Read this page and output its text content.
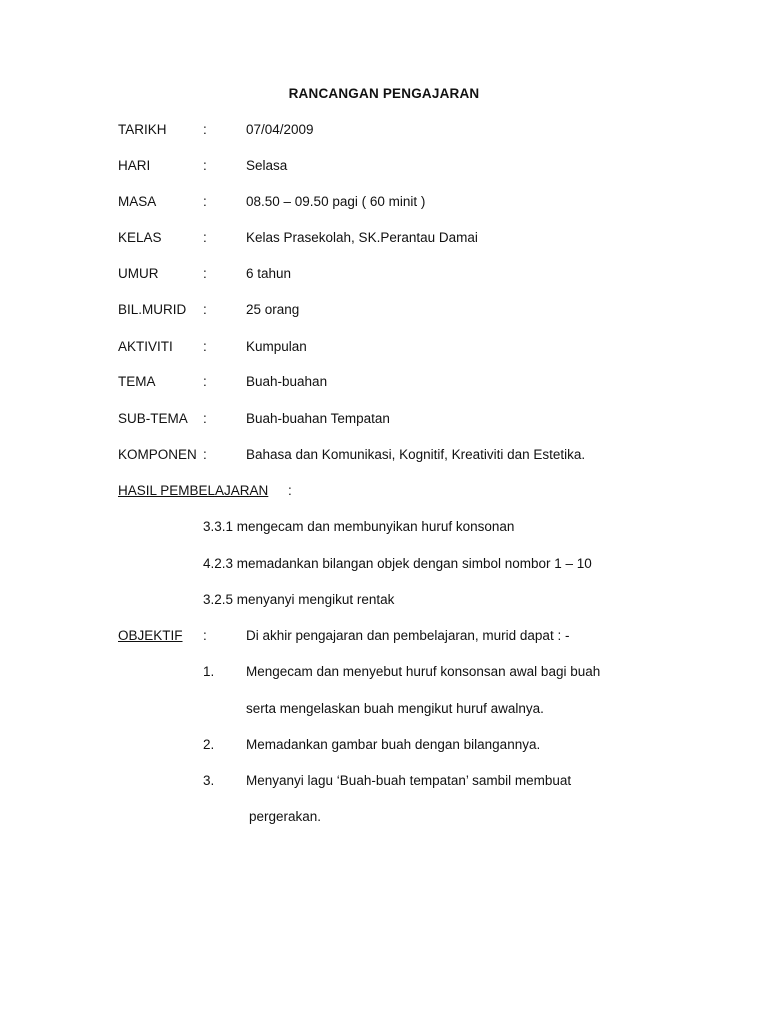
RANCANGAN PENGAJARAN
TARIKH	:	07/04/2009
HARI	:	Selasa
MASA	:	08.50 – 09.50 pagi ( 60 minit )
KELAS	:	Kelas Prasekolah, SK.Perantau Damai
UMUR	:	6 tahun
BIL.MURID :	25 orang
AKTIVITI :	Kumpulan
TEMA	:	Buah-buahan
SUB-TEMA :	Buah-buahan Tempatan
KOMPONEN :	Bahasa dan Komunikasi, Kognitif, Kreativiti dan Estetika.
HASIL PEMBELAJARAN :
3.3.1 mengecam dan membunyikan huruf konsonan
4.2.3 memadankan bilangan objek dengan simbol nombor 1 – 10
3.2.5 menyanyi mengikut rentak
OBJEKTIF :	Di akhir pengajaran dan pembelajaran, murid dapat : -
1. Mengecam dan menyebut huruf konsonsan awal bagi buah
serta mengelaskan buah mengikut huruf awalnya.
2. Memadankan gambar buah dengan bilangannya.
3. Menyanyi lagu ‘Buah-buah tempatan’ sambil membuat
pergerakan.
